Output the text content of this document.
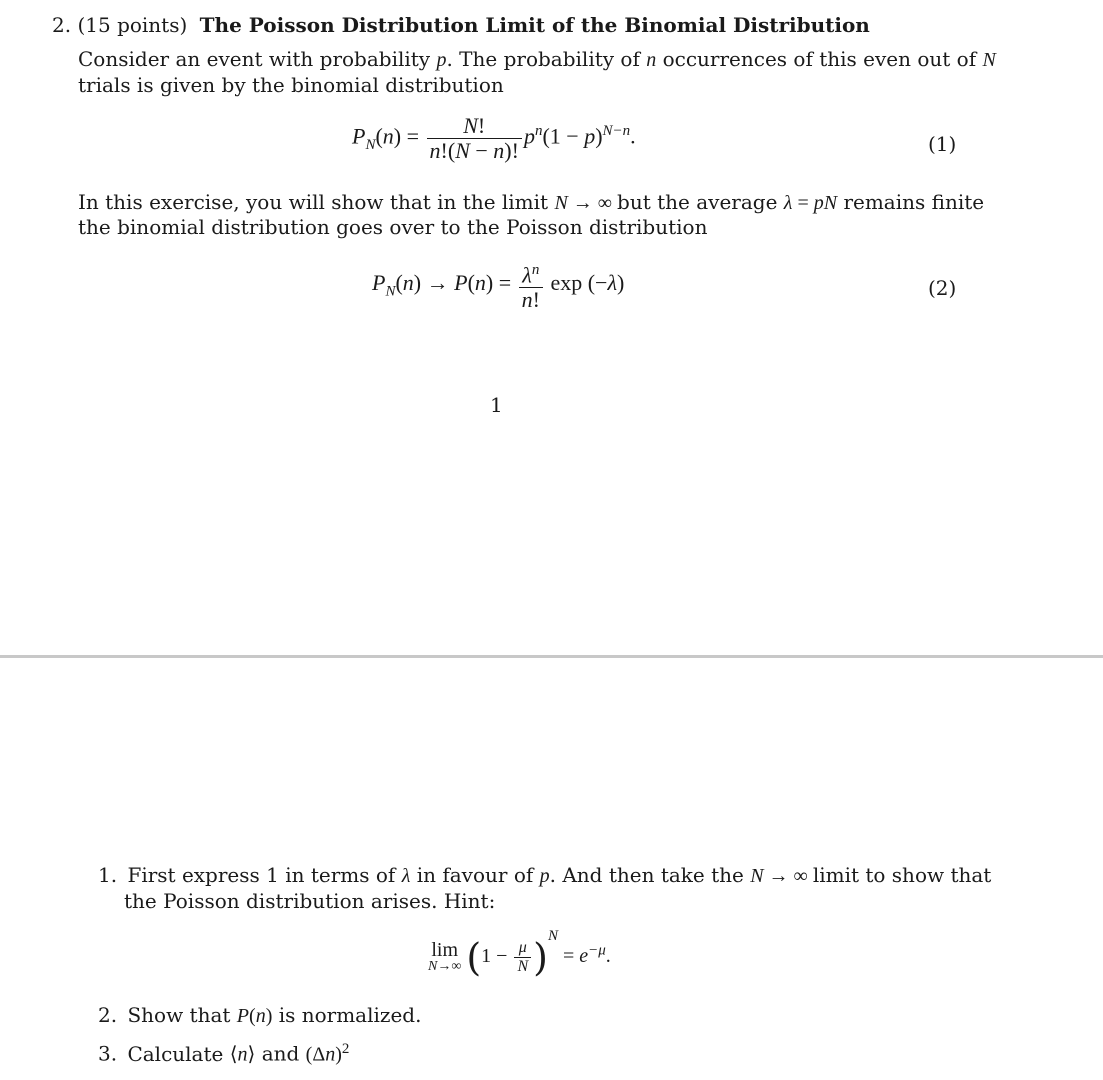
2. (15 points) The Poisson Distribution Limit of the Binomial Distribution
Consider an event with probability p. The probability of n occurrences of this even out of N
trials is given by the binomial distribution
$P_N(n) = \frac{N!}{n!(N - n)!} p^n(1 - p)^{N-n}$.	(1)
In this exercise, you will show that in the limit N → ∞ but the average λ = pN remains finite
the binomial distribution goes over to the Poisson distribution
$P_N(n) \to P(n) = \frac{\lambda^n}{n!}$ exp (−λ)	(2)
1
1. First express 1 in terms of λ in favour of p. And then take the N → ∞ limit to show that
the Poisson distribution arises. Hint:
lim
N→∞ $(1 - \frac{\mu}{N} )^N = e^{-\mu}$.
2. Show that P(n) is normalized.
3. Calculate ⟨n⟩ and $(\Delta n)^2$
